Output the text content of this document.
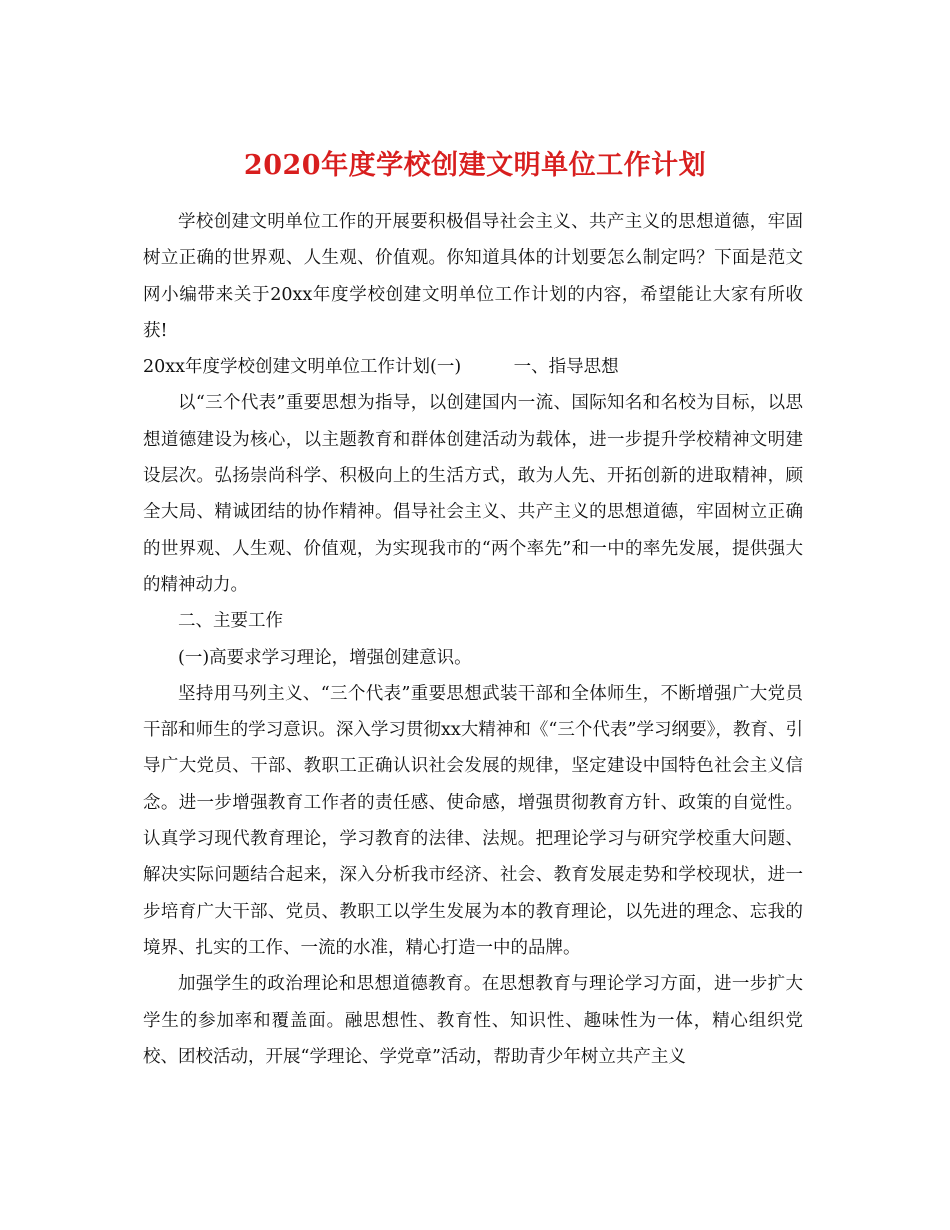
2020年度学校创建文明单位工作计划

学校创建文明单位工作的开展要积极倡导社会主义、共产主义的思想道德，牢固树立正确的世界观、人生观、价值观。你知道具体的计划要怎么制定吗？下面是范文网小编带来关于20xx年度学校创建文明单位工作计划的内容，希望能让大家有所收获!

20xx年度学校创建文明单位工作计划(一)　　　一、指导思想

以“三个代表”重要思想为指导，以创建国内一流、国际知名和名校为目标，以思想道德建设为核心，以主题教育和群体创建活动为载体，进一步提升学校精神文明建设层次。弘扬崇尚科学、积极向上的生活方式，敢为人先、开拓创新的进取精神，顾全大局、精诚团结的协作精神。倡导社会主义、共产主义的思想道德，牢固树立正确的世界观、人生观、价值观，为实现我市的“两个率先”和一中的率先发展，提供强大的精神动力。

二、主要工作

(一)高要求学习理论，增强创建意识。

坚持用马列主义、“三个代表”重要思想武装干部和全体师生，不断增强广大党员干部和师生的学习意识。深入学习贯彻xx大精神和《“三个代表”学习纲要》，教育、引导广大党员、干部、教职工正确认识社会发展的规律，坚定建设中国特色社会主义信念。进一步增强教育工作者的责任感、使命感，增强贯彻教育方针、政策的自觉性。认真学习现代教育理论，学习教育的法律、法规。把理论学习与研究学校重大问题、解决实际问题结合起来，深入分析我市经济、社会、教育发展走势和学校现状，进一步培育广大干部、党员、教职工以学生发展为本的教育理论，以先进的理念、忘我的境界、扎实的工作、一流的水准，精心打造一中的品牌。

加强学生的政治理论和思想道德教育。在思想教育与理论学习方面，进一步扩大学生的参加率和覆盖面。融思想性、教育性、知识性、趣味性为一体，精心组织党校、团校活动，开展“学理论、学党章”活动，帮助青少年树立共产主义
